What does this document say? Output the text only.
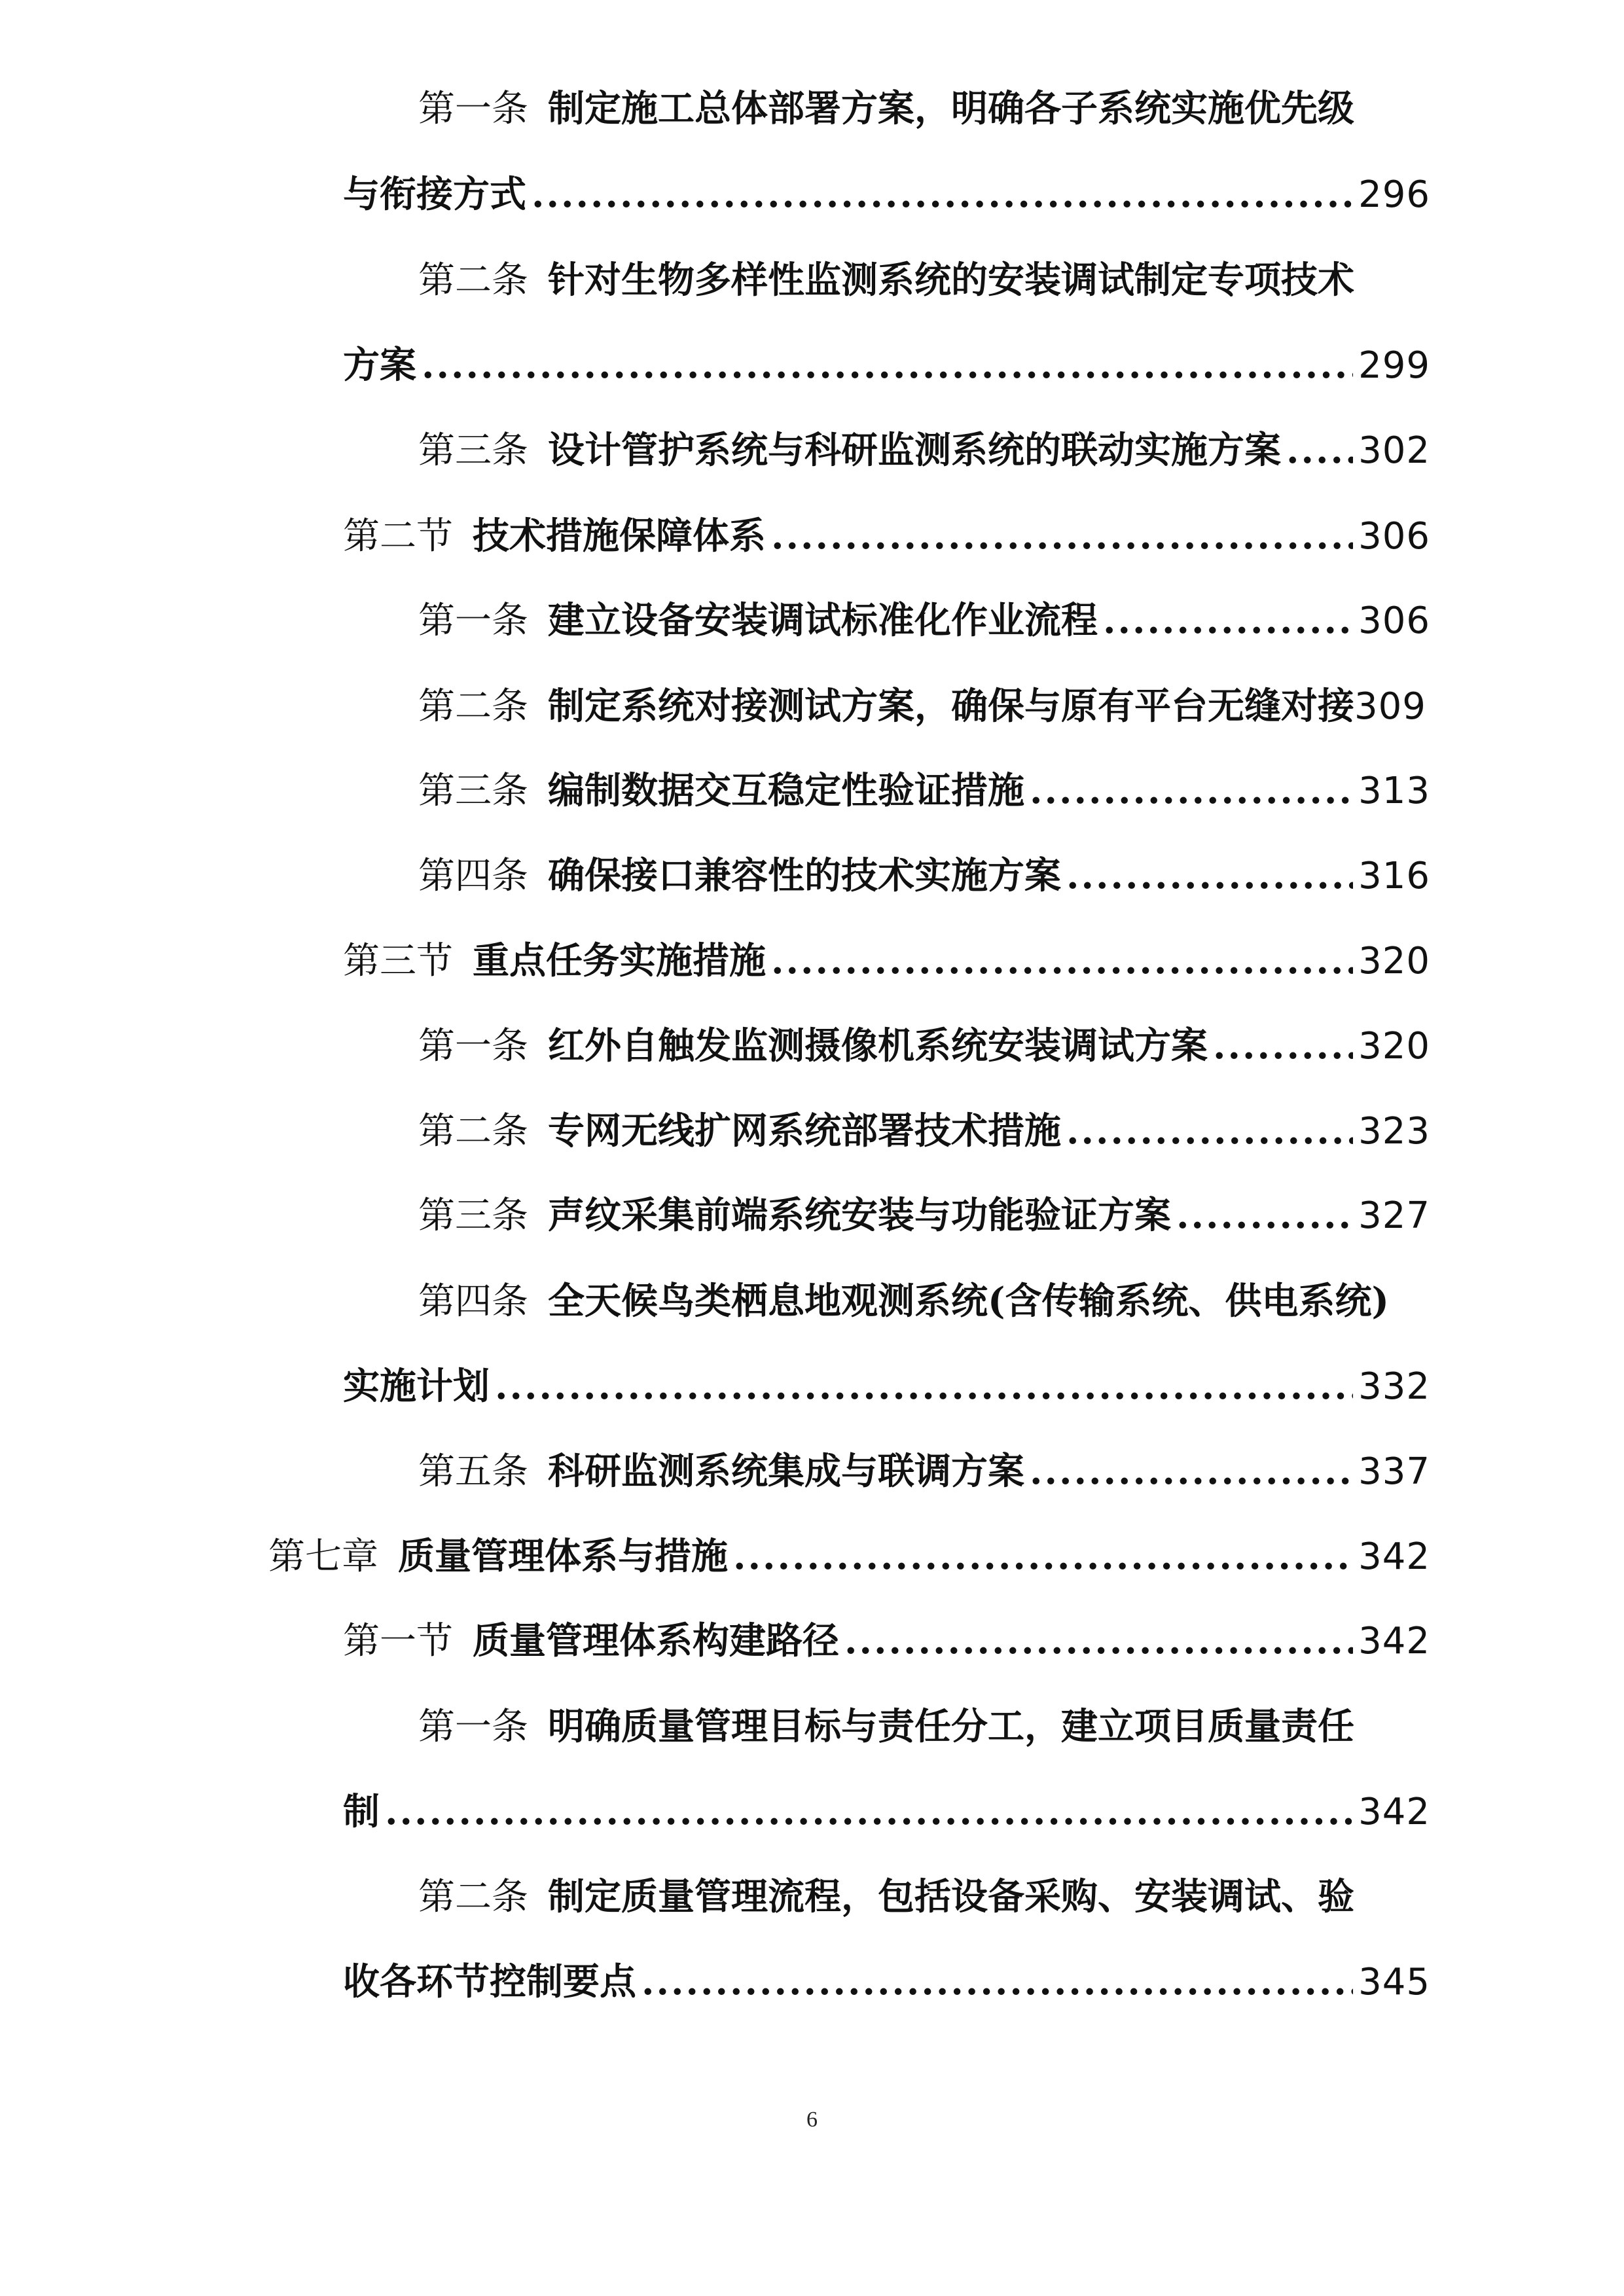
第一条 制定施工总体部署方案，明确各子系统实施优先级
与衔接方式 .....	296
第二条 针对生物多样性监测系统的安装调试制定专项技术
方案 .....	299
第三条 设计管护系统与科研监测系统的联动实施方案 ..... 302
第二节 技术措施保障体系 .....	306
第一条 建立设备安装调试标准化作业流程 .....	306
第二条 制定系统对接测试方案，确保与原有平台无缝对接 309
第三条 编制数据交互稳定性验证措施 .....	313
第四条 确保接口兼容性的技术实施方案 .....	316
第三节 重点任务实施措施 .....	320
第一条 红外自触发监测摄像机系统安装调试方案 .....	320
第二条 专网无线扩网系统部署技术措施 .....	323
第三条 声纹采集前端系统安装与功能验证方案 .....	327
第四条 全天候鸟类栖息地观测系统(含传输系统、供电系统)
实施计划 .....	332
第五条 科研监测系统集成与联调方案 .....	337
第七章 质量管理体系与措施 .....	342
第一节 质量管理体系构建路径 .....	342
第一条 明确质量管理目标与责任分工，建立项目质量责任
制 .....	342
第二条 制定质量管理流程，包括设备采购、安装调试、验
收各环节控制要点 .....	345
6
